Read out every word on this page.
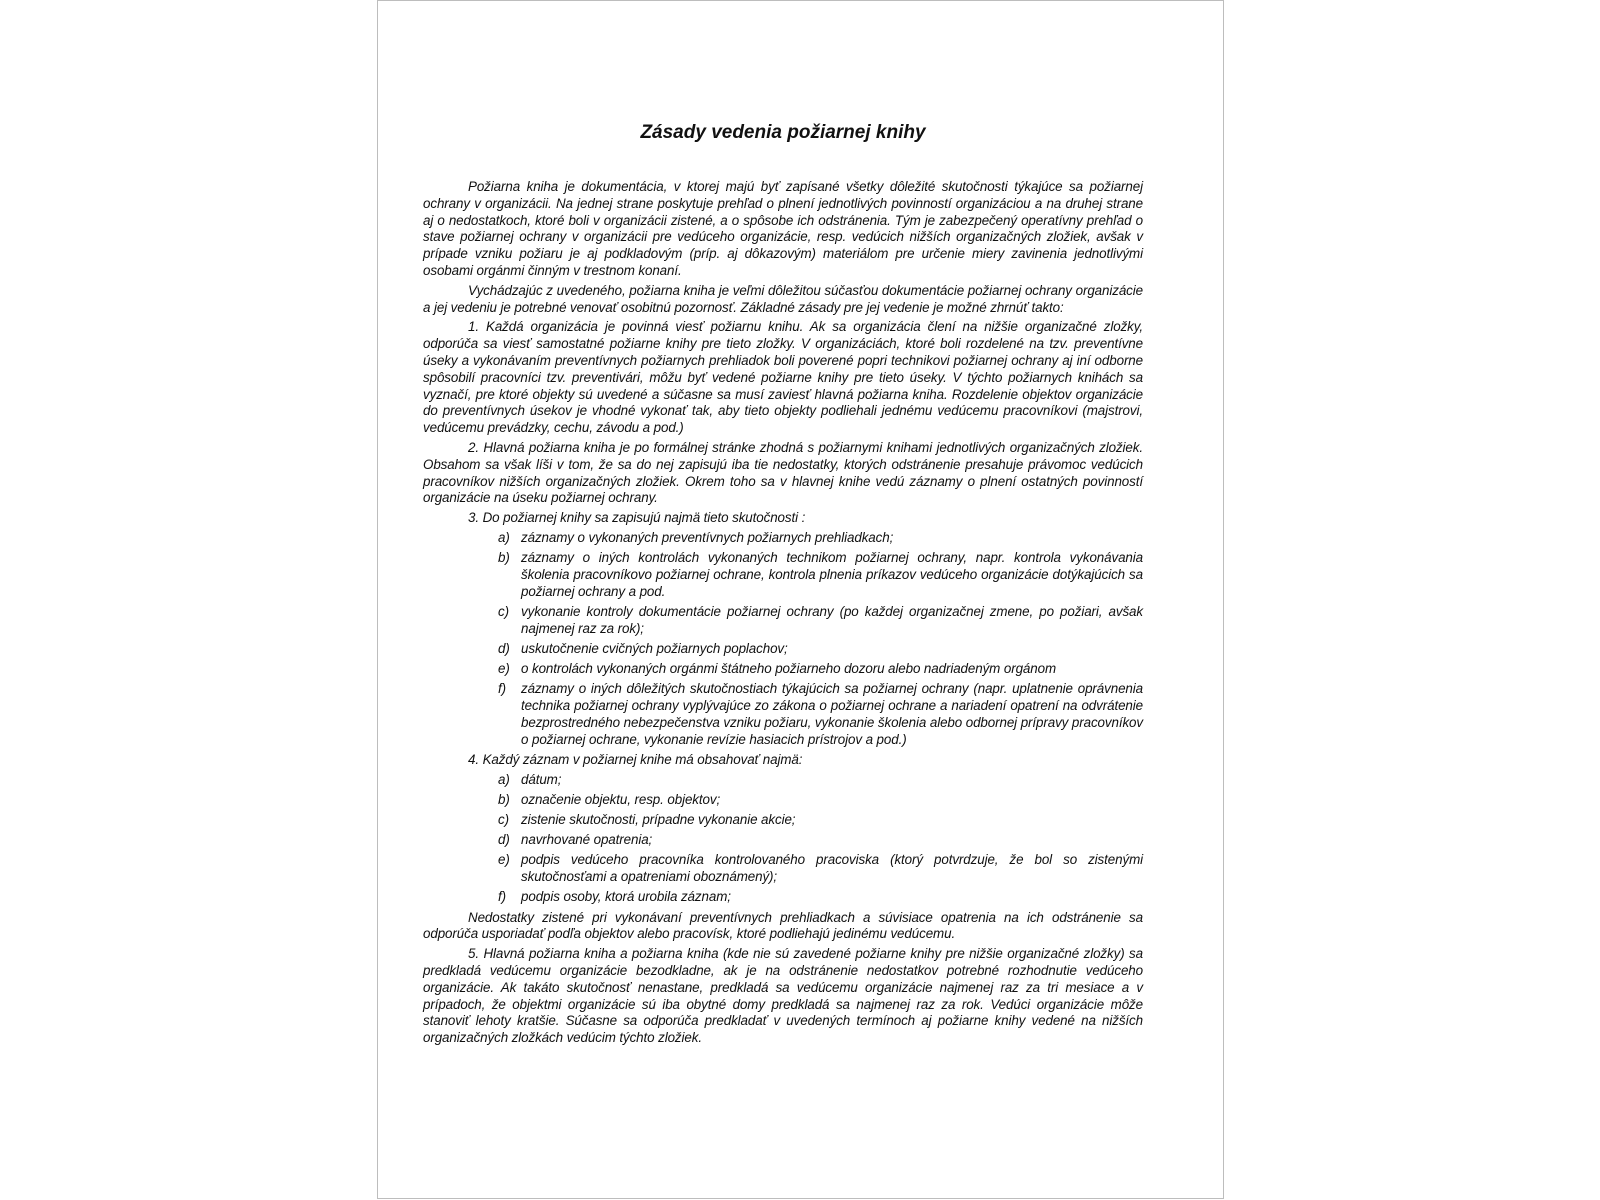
Zásady vedenia požiarnej knihy

Požiarna kniha je dokumentácia, v ktorej majú byť zapísané všetky dôležité skutočnosti týkajúce sa požiarnej ochrany v organizácii. Na jednej strane poskytuje prehľad o plnení jednotlivých povinností organizáciou a na druhej strane aj o nedostatkoch, ktoré boli v organizácii zistené, a o spôsobe ich odstránenia. Tým je zabezpečený operatívny prehľad o stave požiarnej ochrany v organizácii pre vedúceho organizácie, resp. vedúcich nižších organizačných zložiek, avšak v prípade vzniku požiaru je aj podkladovým (príp. aj dôkazovým) materiálom pre určenie miery zavinenia jednotlivými osobami orgánmi činným v trestnom konaní.

Vychádzajúc z uvedeného, požiarna kniha je veľmi dôležitou súčasťou dokumentácie požiarnej ochrany organizácie a jej vedeniu je potrebné venovať osobitnú pozornosť. Základné zásady pre jej vedenie je možné zhrnúť takto:

1. Každá organizácia je povinná viesť požiarnu knihu. Ak sa organizácia člení na nižšie organizačné zložky, odporúča sa viesť samostatné požiarne knihy pre tieto zložky. V organizáciách, ktoré boli rozdelené na tzv. preventívne úseky a vykonávaním preventívnych požiarnych prehliadok boli poverené popri technikovi požiarnej ochrany aj iní odborne spôsobilí pracovníci tzv. preventivári, môžu byť vedené požiarne knihy pre tieto úseky. V týchto požiarnych knihách sa vyznačí, pre ktoré objekty sú uvedené a súčasne sa musí zaviesť hlavná požiarna kniha. Rozdelenie objektov organizácie do preventívnych úsekov je vhodné vykonať tak, aby tieto objekty podliehali jednému vedúcemu pracovníkovi (majstrovi, vedúcemu prevádzky, cechu, závodu a pod.)

2. Hlavná požiarna kniha je po formálnej stránke zhodná s požiarnymi knihami jednotlivých organizačných zložiek. Obsahom sa však líši v tom, že sa do nej zapisujú iba tie nedostatky, ktorých odstránenie presahuje právomoc vedúcich pracovníkov nižších organizačných zložiek. Okrem toho sa v hlavnej knihe vedú záznamy o plnení ostatných povinností organizácie na úseku požiarnej ochrany.

3. Do požiarnej knihy sa zapisujú najmä tieto skutočnosti :

a) záznamy o vykonaných preventívnych požiarnych prehliadkach;
b) záznamy o iných kontrolách vykonaných technikom požiarnej ochrany, napr. kontrola vykonávania školenia pracovníkovo požiarnej ochrane, kontrola plnenia príkazov vedúceho organizácie dotýkajúcich sa požiarnej ochrany a pod.
c) vykonanie kontroly dokumentácie požiarnej ochrany (po každej organizačnej zmene, po požiari, avšak najmenej raz za rok);
d) uskutočnenie cvičných požiarnych poplachov;
e) o kontrolách vykonaných orgánmi štátneho požiarneho dozoru alebo nadriadeným orgánom
f) záznamy o iných dôležitých skutočnostiach týkajúcich sa požiarnej ochrany (napr. uplatnenie oprávnenia technika požiarnej ochrany vyplývajúce zo zákona o požiarnej ochrane a nariadení opatrení na odvrátenie bezprostredného nebezpečenstva vzniku požiaru, vykonanie školenia alebo odbornej prípravy pracovníkov o požiarnej ochrane, vykonanie revízie hasiacich prístrojov a pod.)

4. Každý záznam v požiarnej knihe má obsahovať najmä:

a) dátum;
b) označenie objektu, resp. objektov;
c) zistenie skutočnosti, prípadne vykonanie akcie;
d) navrhované opatrenia;
e) podpis vedúceho pracovníka kontrolovaného pracoviska (ktorý potvrdzuje, že bol so zistenými skutočnosťami a opatreniami oboznámený);
f) podpis osoby, ktorá urobila záznam;

Nedostatky zistené pri vykonávaní preventívnych prehliadkach a súvisiace opatrenia na ich odstránenie sa odporúča usporiadať podľa objektov alebo pracovísk, ktoré podliehajú jedinému vedúcemu.

5. Hlavná požiarna kniha a požiarna kniha (kde nie sú zavedené požiarne knihy pre nižšie organizačné zložky) sa predkladá vedúcemu organizácie bezodkladne, ak je na odstránenie nedostatkov potrebné rozhodnutie vedúceho organizácie. Ak takáto skutočnosť nenastane, predkladá sa vedúcemu organizácie najmenej raz za tri mesiace a v prípadoch, že objektmi organizácie sú iba obytné domy predkladá sa najmenej raz za rok. Vedúci organizácie môže stanoviť lehoty kratšie. Súčasne sa odporúča predkladať v uvedených termínoch aj požiarne knihy vedené na nižších organizačných zložkách vedúcim týchto zložiek.
